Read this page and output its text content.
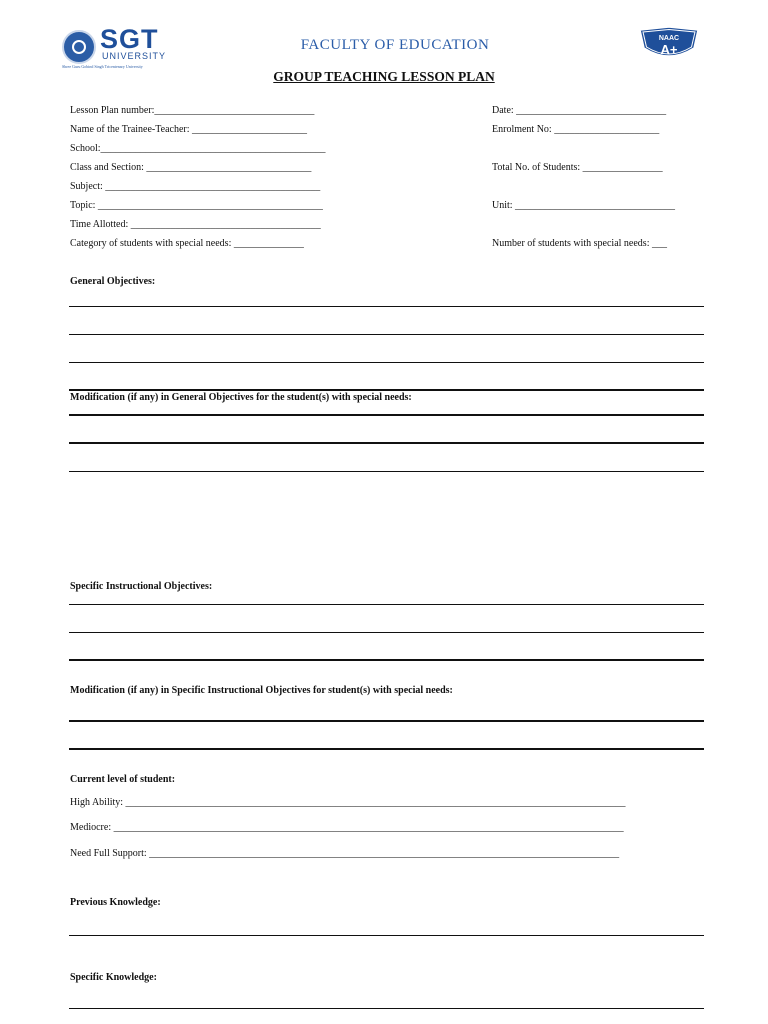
SGT
UNIVERSITY
Shree Guru Gobind Singh Tricentenary University
FACULTY OF EDUCATION	NAAC
A+
GROUP TEACHING LESSON PLAN
Lesson Plan number:________________________________
Name of the Trainee-Teacher: _______________________
School:_____________________________________________
Class and Section: _________________________________
Subject: ___________________________________________
Topic: _____________________________________________
Time Allotted: ______________________________________
Category of students with special needs: ______________
Date: ______________________________
Enrolment No: _____________________
Total No. of Students: ________________
Unit: ________________________________
Number of students with special needs: ___
General Objectives:
Modification (if any) in General Objectives for the student(s) with special needs:
Specific Instructional Objectives:
Modification (if any) in Specific Instructional Objectives for student(s) with special needs:
Current level of student:
High Ability: ____________________________________________________________________________________________________
Mediocre: ______________________________________________________________________________________________________
Need Full Support: ______________________________________________________________________________________________
Previous Knowledge:
Specific Knowledge:
